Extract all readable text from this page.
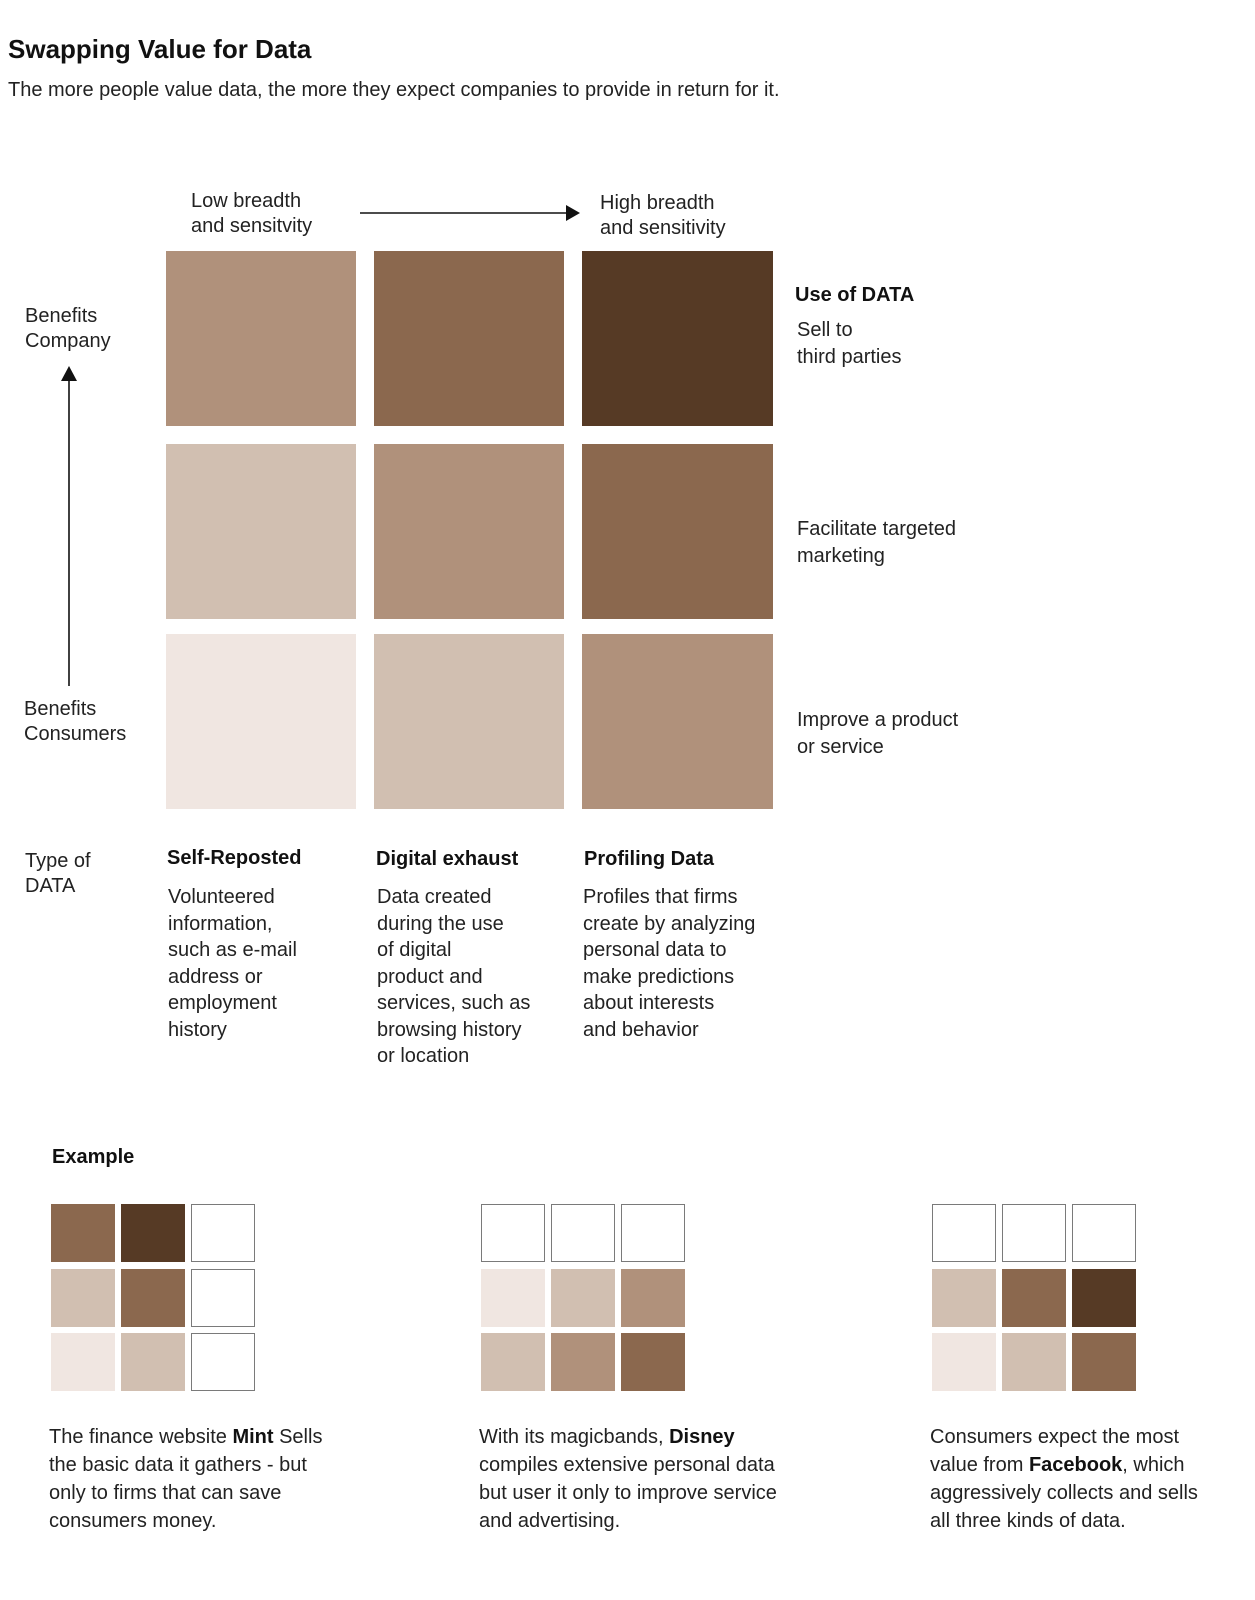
Swapping Value for Data
The more people value data, the more they expect companies to provide in return for it.
Low breadth
and sensitvity
High breadth
and sensitivity
Benefits
Company
Benefits
Consumers
Type of
DATA
Use of DATA
Sell to
third parties
Facilitate targeted
marketing
Improve a product
or service
Self-Reposted
Volunteered
information,
such as e-mail
address or
employment
history
Digital exhaust
Data created
during the use
of digital
product and
services, such as
browsing history
or location
Profiling Data
Profiles that firms
create by analyzing
personal data to
make predictions
about interests
and behavior
Example
The finance website Mint Sells the basic data it gathers - but only to firms that can save consumers money.
With its magicbands, Disney compiles extensive personal data but user it only to improve service and advertising.
Consumers expect the most value from Facebook, which aggressively collects and sells all three kinds of data.
